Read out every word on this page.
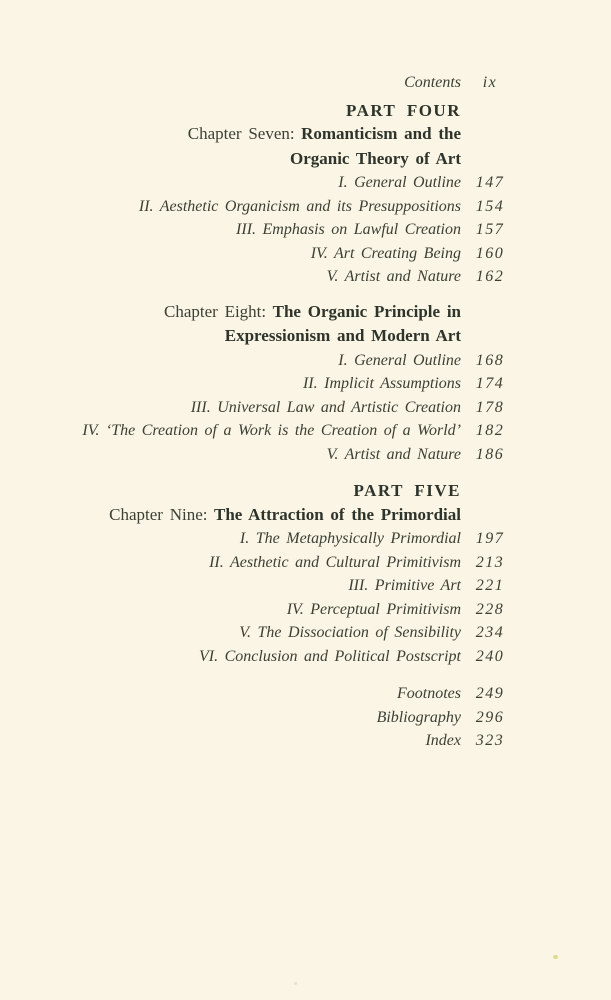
Contents	ix
PART FOUR
Chapter Seven: Romanticism and the
Organic Theory of Art
I. General Outline 147
II. Aesthetic Organicism and its Presuppositions 154
III. Emphasis on Lawful Creation 157
IV. Art Creating Being 160
V. Artist and Nature 162
Chapter Eight: The Organic Principle in
Expressionism and Modern Art
I. General Outline 168
II. Implicit Assumptions 174
III. Universal Law and Artistic Creation 178
IV. ‘The Creation of a Work is the Creation of a World’ 182
V. Artist and Nature 186
PART FIVE
Chapter Nine: The Attraction of the Primordial
I. The Metaphysically Primordial 197
II. Aesthetic and Cultural Primitivism 213
III. Primitive Art 221
IV. Perceptual Primitivism 228
V. The Dissociation of Sensibility 234
VI. Conclusion and Political Postscript 240
Footnotes 249
Bibliography 296
Index 323
